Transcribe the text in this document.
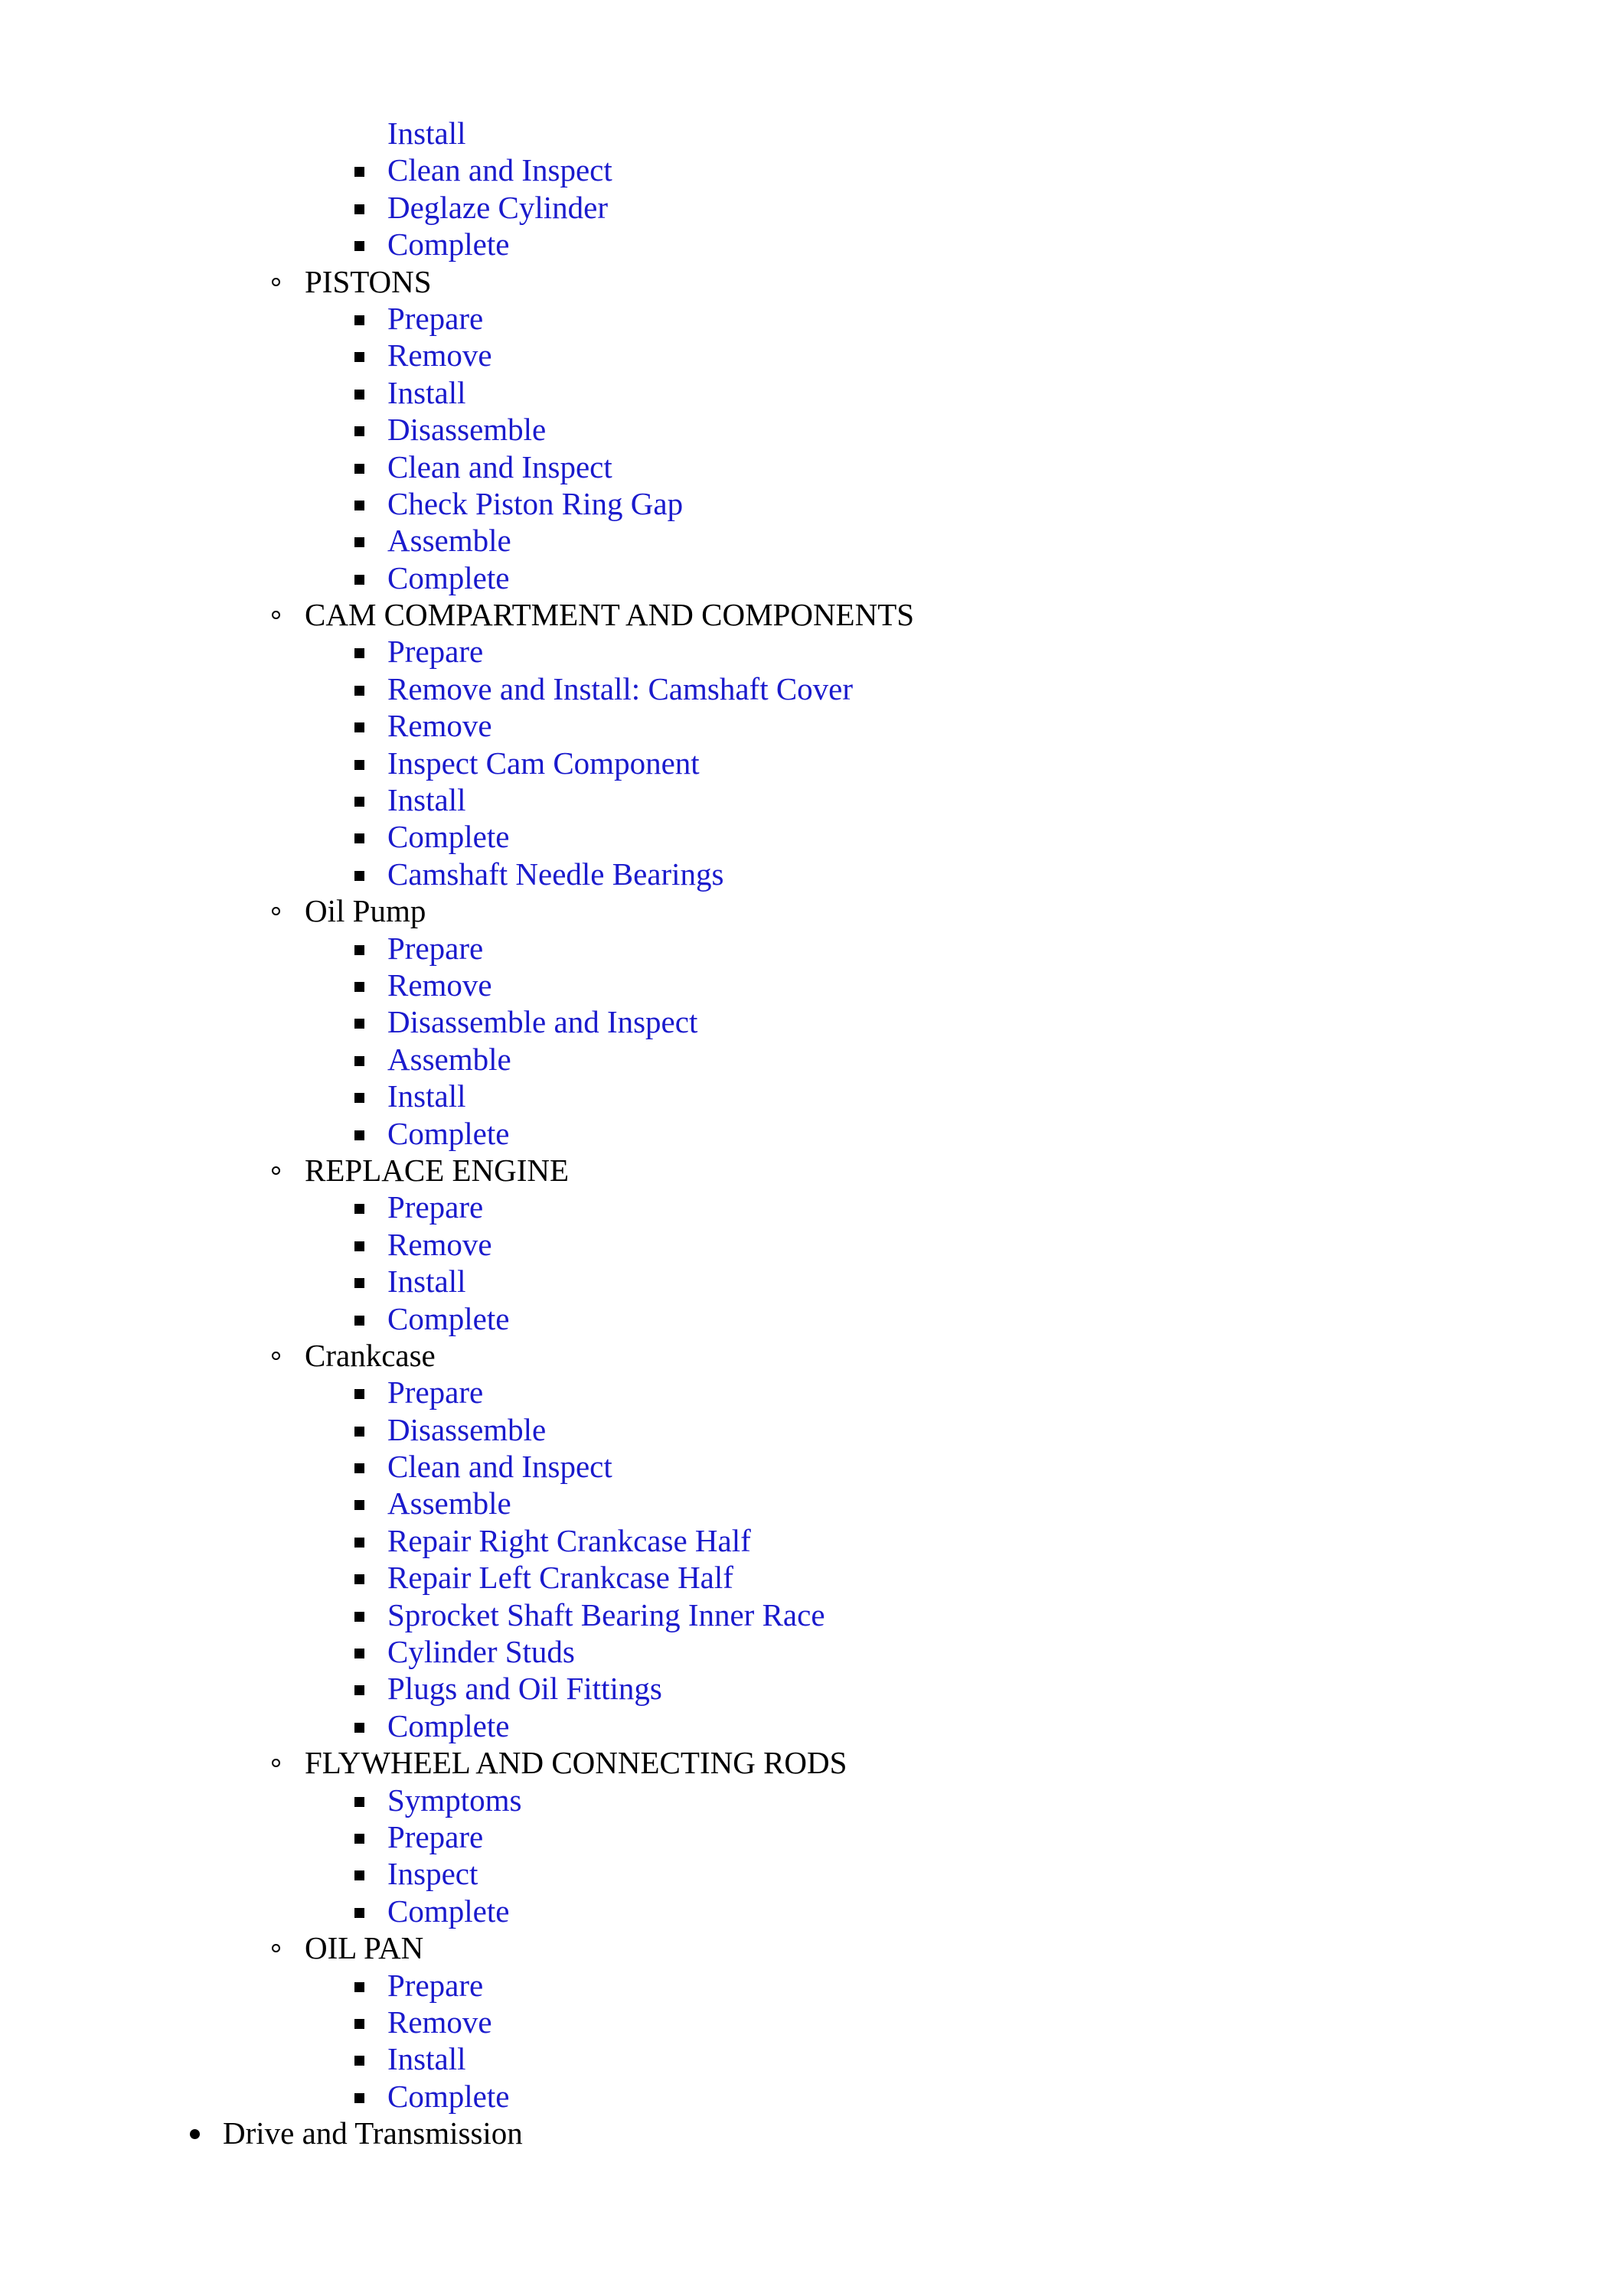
Install
Clean and Inspect
Deglaze Cylinder
Complete
PISTONS
Prepare
Remove
Install
Disassemble
Clean and Inspect
Check Piston Ring Gap
Assemble
Complete
CAM COMPARTMENT AND COMPONENTS
Prepare
Remove and Install: Camshaft Cover
Remove
Inspect Cam Component
Install
Complete
Camshaft Needle Bearings
Oil Pump
Prepare
Remove
Disassemble and Inspect
Assemble
Install
Complete
REPLACE ENGINE
Prepare
Remove
Install
Complete
Crankcase
Prepare
Disassemble
Clean and Inspect
Assemble
Repair Right Crankcase Half
Repair Left Crankcase Half
Sprocket Shaft Bearing Inner Race
Cylinder Studs
Plugs and Oil Fittings
Complete
FLYWHEEL AND CONNECTING RODS
Symptoms
Prepare
Inspect
Complete
OIL PAN
Prepare
Remove
Install
Complete
Drive and Transmission
